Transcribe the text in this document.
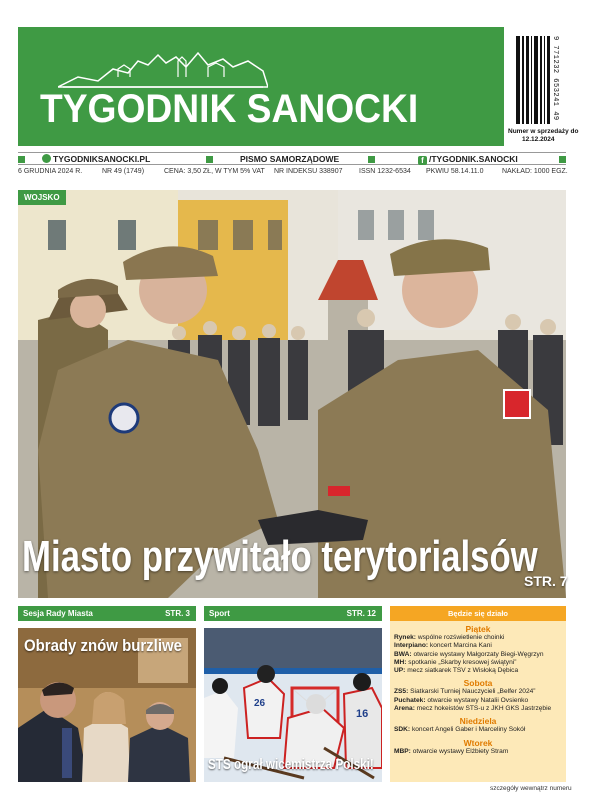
TYGODNIK SANOCKI	9 771232 653241 49
Numer w sprzedaży do
12.12.2024
TYGODNIKSANOCKI.PL	PISMO SAMORZĄDOWE	f /TYGODNIK.SANOCKI
6 GRUDNIA 2024 R.	NR 49 (1749)	CENA: 3,50 ZŁ, W TYM 5% VAT NR INDEKSU 338907 ISSN 1232-6534 PKWIU 58.14.11.0	NAKŁAD: 1000 EGZ.
WOJSKO
Miasto przywitało terytorialsów
STR. 7
Sesja Rady Miasta	STR. 3
Obrady znów burzliwe
Sport	STR. 12
26
16
STS ograł wicemistrza Polski!
Będzie się działo
Piątek
Rynek: wspólne rozświetlenie choinki
Interpiano: koncert Marcina Kani
BWA: otwarcie wystawy Małgorzaty Biegi-Węgrzyn
MH: spotkanie „Skarby kresowej świątyni”
UP: mecz siatkarek TSV z Wisłoką Dębica
Sobota
ZS5: Siatkarski Turniej Nauczycieli „Belfer 2024”
Puchatek: otwarcie wystawy Natalii Ovsienko
Arena: mecz hokeistów STS-u z JKH GKS Jastrzębie
Niedziela
SDK: koncert Angeli Gaber i Marceliny Sokół
Wtorek
MBP: otwarcie wystawy Elżbiety Stram
szczegóły wewnątrz numeru
